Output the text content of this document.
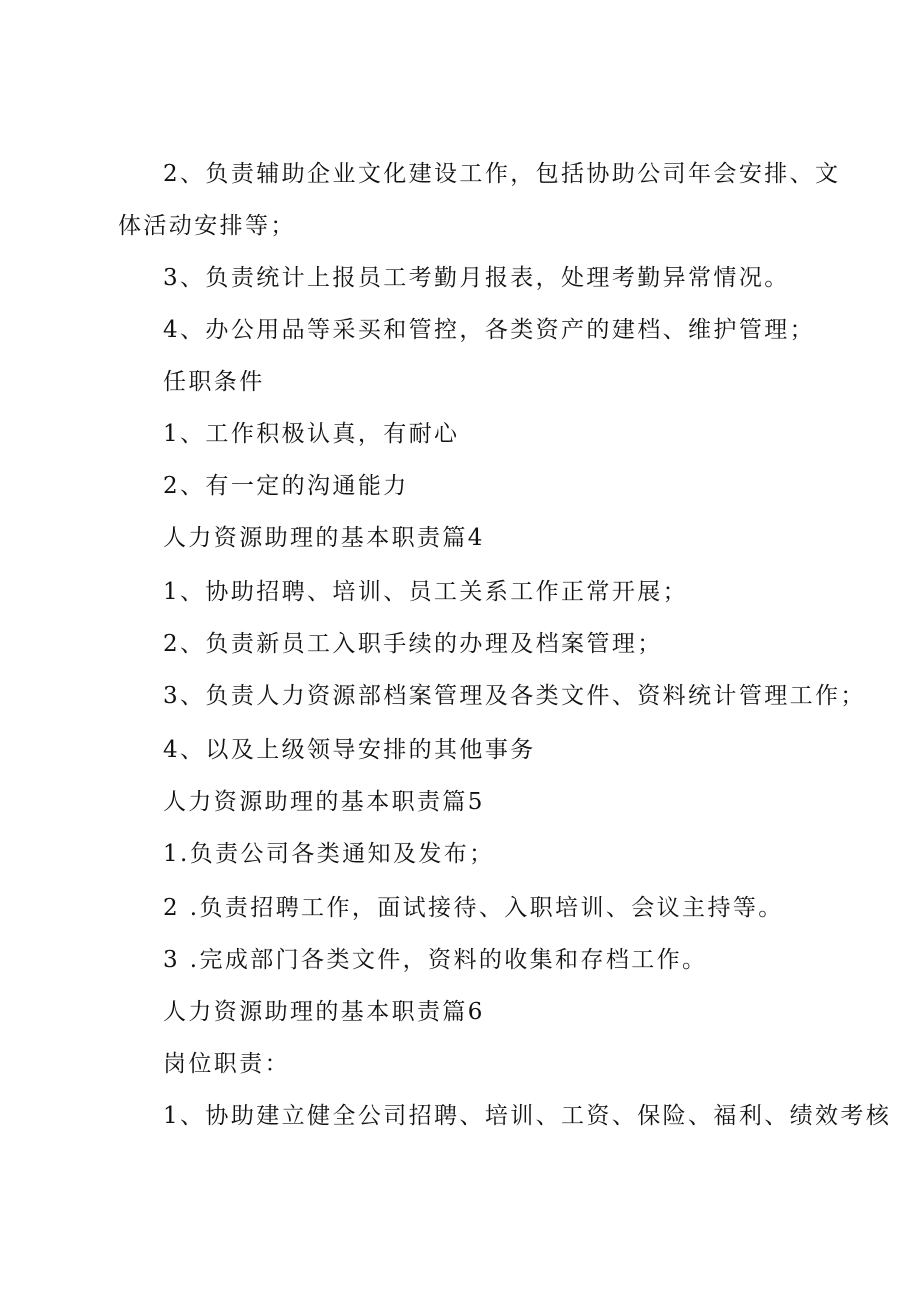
2、负责辅助企业文化建设工作，包括协助公司年会安排、文
体活动安排等；
3、负责统计上报员工考勤月报表，处理考勤异常情况。
4、办公用品等采买和管控，各类资产的建档、维护管理；
任职条件
1、工作积极认真，有耐心
2、有一定的沟通能力
人力资源助理的基本职责篇4
1、协助招聘、培训、员工关系工作正常开展；
2、负责新员工入职手续的办理及档案管理；
3、负责人力资源部档案管理及各类文件、资料统计管理工作；
4、以及上级领导安排的其他事务
人力资源助理的基本职责篇5
1.负责公司各类通知及发布；
2 .负责招聘工作，面试接待、入职培训、会议主持等。
3 .完成部门各类文件，资料的收集和存档工作。
人力资源助理的基本职责篇6
岗位职责：
1、协助建立健全公司招聘、培训、工资、保险、福利、绩效考核
